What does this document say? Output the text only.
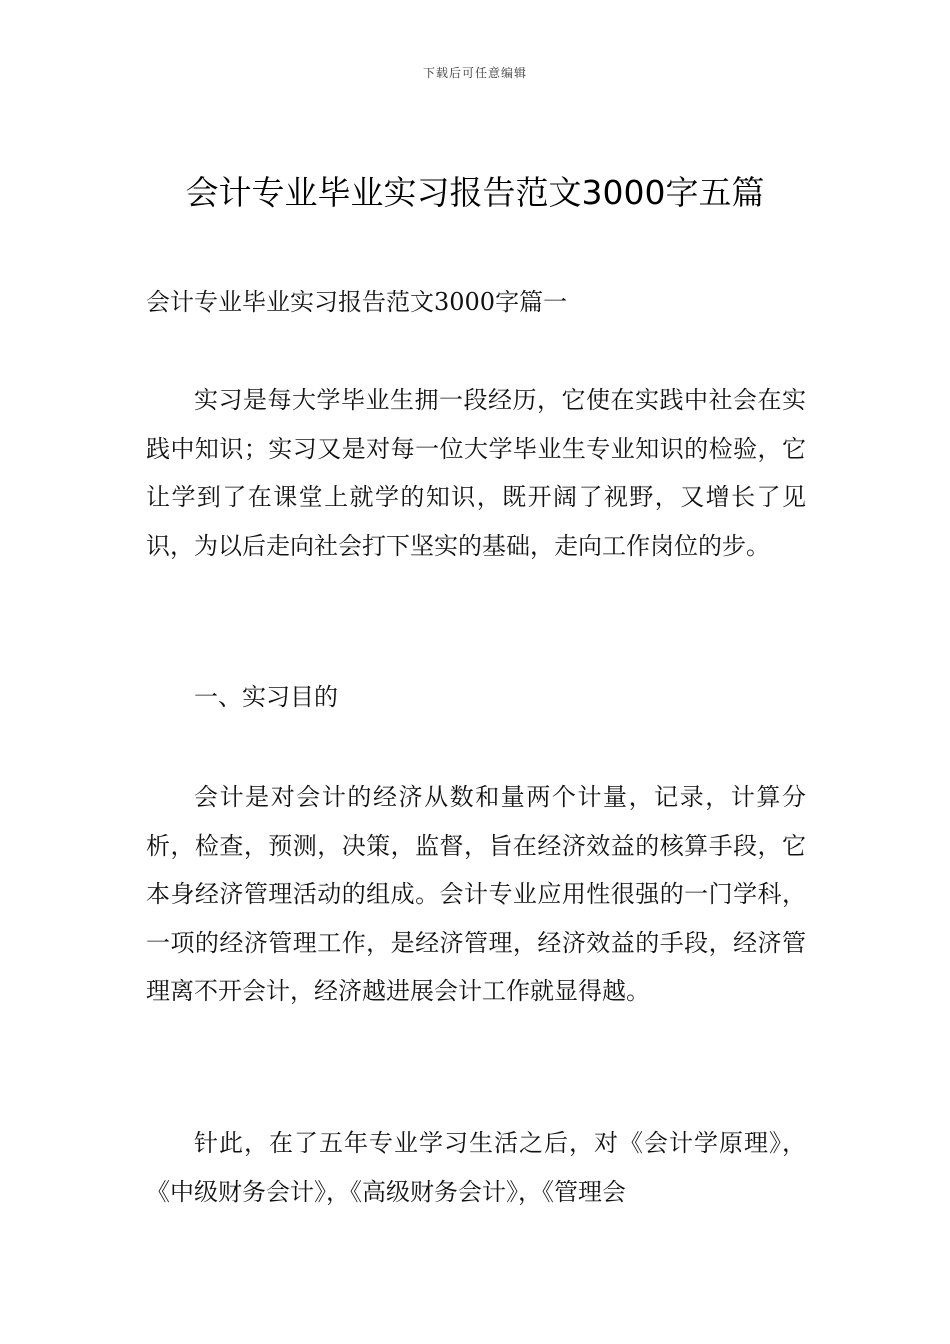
下载后可任意编辑
会计专业毕业实习报告范文3000字五篇

会计专业毕业实习报告范文3000字篇一

实习是每大学毕业生拥一段经历，它使在实践中社会在实践中知识；实习又是对每一位大学毕业生专业知识的检验，它让学到了在课堂上就学的知识，既开阔了视野，又增长了见识，为以后走向社会打下坚实的基础，走向工作岗位的步。

一、实习目的

会计是对会计的经济从数和量两个计量，记录，计算分析，检查，预测，决策，监督，旨在经济效益的核算手段，它本身经济管理活动的组成。会计专业应用性很强的一门学科，一项的经济管理工作，是经济管理，经济效益的手段，经济管理离不开会计，经济越进展会计工作就显得越。

针此，在了五年专业学习生活之后，对《会计学原理》，《中级财务会计》，《高级财务会计》，《管理会
